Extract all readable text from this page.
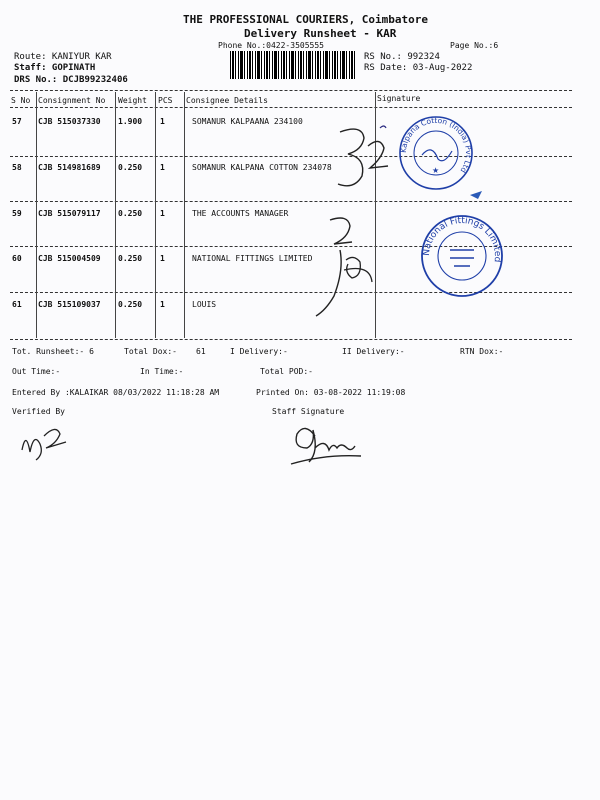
THE PROFESSIONAL COURIERS, Coimbatore
Delivery Runsheet - KAR
Phone No.:0422-3505555	Page No.:6
Route: KANIYUR KAR
Staff: GOPINATH
DRS No.: DCJB99232406
RS No.: 992324
RS Date: 03-Aug-2022
S No Consignment No Weight PCS Consignee Details	Signature
57 CJB 515037330 1.900 1	SOMANUR KALPAANA 234100
58 CJB 514981689 0.250 1	SOMANUR KALPANA COTTON 234078
59 CJB 515079117 0.250 1	THE ACCOUNTS MANAGER
60 CJB 515004509 0.250 1	NATIONAL FITTINGS LIMITED
61 CJB 515109037 0.250 1	LOUIS
Kalpana Cotton (India) Pvt Ltd
★
National Fittings Limited
Tot. Runsheet:- 6	Total Dox:- 61	I Delivery:-	II Delivery:-	RTN Dox:-
Out Time:-	In Time:-	Total POD:-
Entered By :KALAIKAR 08/03/2022 11:18:28 AM	Printed On: 03-08-2022 11:19:08
Verified By	Staff Signature
